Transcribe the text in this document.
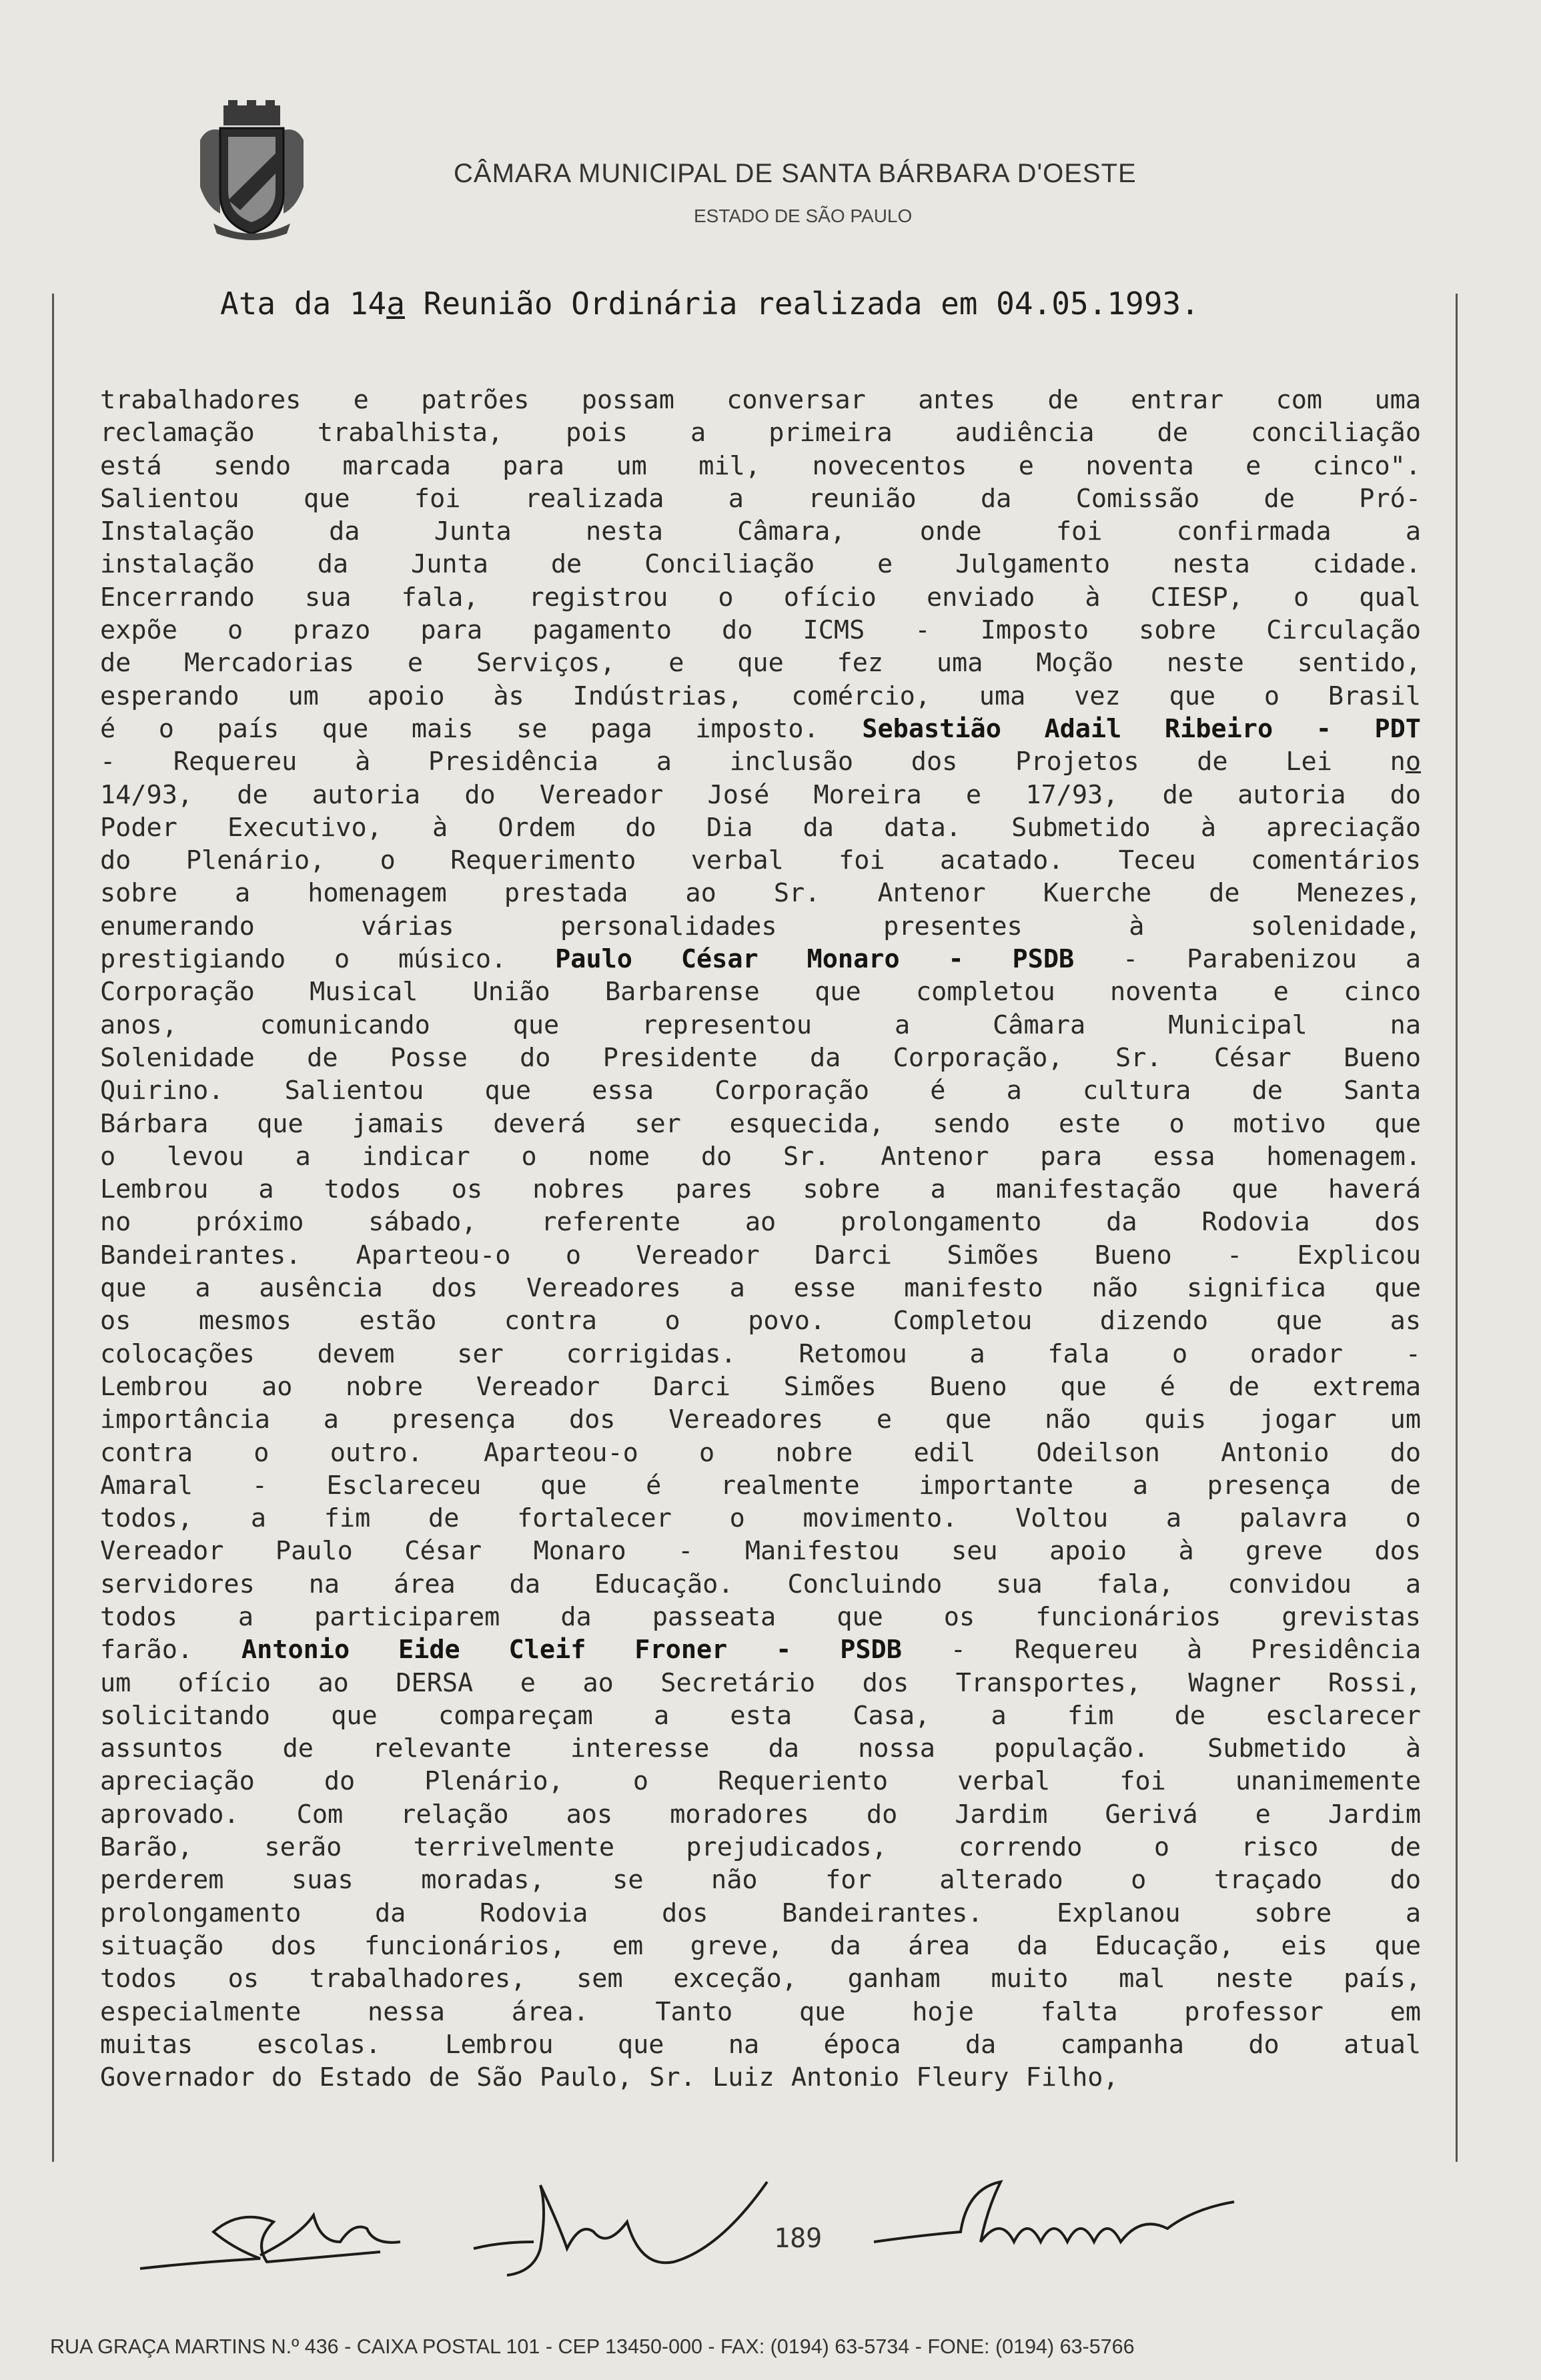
CÂMARA MUNICIPAL DE SANTA BÁRBARA D'OESTE
ESTADO DE SÃO PAULO
Ata da 14a Reunião Ordinária realizada em 04.05.1993.
trabalhadores e patrões possam conversar antes de entrar com uma
reclamação trabalhista, pois a primeira audiência de conciliação
está sendo marcada para um mil, novecentos e noventa e cinco".
Salientou que foi realizada a reunião da Comissão de Pró-
Instalação da Junta nesta Câmara, onde foi confirmada a
instalação da Junta de Conciliação e Julgamento nesta cidade.
Encerrando sua fala, registrou o ofício enviado à CIESP, o qual
expõe o prazo para pagamento do ICMS - Imposto sobre Circulação
de Mercadorias e Serviços, e que fez uma Moção neste sentido,
esperando um apoio às Indústrias, comércio, uma vez que o Brasil
é o país que mais se paga imposto. Sebastião Adail Ribeiro - PDT
- Requereu à Presidência a inclusão dos Projetos de Lei no
14/93, de autoria do Vereador José Moreira e 17/93, de autoria do
Poder Executivo, à Ordem do Dia da data. Submetido à apreciação
do Plenário, o Requerimento verbal foi acatado. Teceu comentários
sobre a homenagem prestada ao Sr. Antenor Kuerche de Menezes,
enumerando várias personalidades presentes à solenidade,
prestigiando o músico. Paulo César Monaro - PSDB - Parabenizou a
Corporação Musical União Barbarense que completou noventa e cinco
anos, comunicando que representou a Câmara Municipal na
Solenidade de Posse do Presidente da Corporação, Sr. César Bueno
Quirino. Salientou que essa Corporação é a cultura de Santa
Bárbara que jamais deverá ser esquecida, sendo este o motivo que
o levou a indicar o nome do Sr. Antenor para essa homenagem.
Lembrou a todos os nobres pares sobre a manifestação que haverá
no próximo sábado, referente ao prolongamento da Rodovia dos
Bandeirantes. Aparteou-o o Vereador Darci Simões Bueno - Explicou
que a ausência dos Vereadores a esse manifesto não significa que
os mesmos estão contra o povo. Completou dizendo que as
colocações devem ser corrigidas. Retomou a fala o orador -
Lembrou ao nobre Vereador Darci Simões Bueno que é de extrema
importância a presença dos Vereadores e que não quis jogar um
contra o outro. Aparteou-o o nobre edil Odeilson Antonio do
Amaral - Esclareceu que é realmente importante a presença de
todos, a fim de fortalecer o movimento. Voltou a palavra o
Vereador Paulo César Monaro - Manifestou seu apoio à greve dos
servidores na área da Educação. Concluindo sua fala, convidou a
todos a participarem da passeata que os funcionários grevistas
farão. Antonio Eide Cleif Froner - PSDB - Requereu à Presidência
um ofício ao DERSA e ao Secretário dos Transportes, Wagner Rossi,
solicitando que compareçam a esta Casa, a fim de esclarecer
assuntos de relevante interesse da nossa população. Submetido à
apreciação do Plenário, o Requeriento verbal foi unanimemente
aprovado. Com relação aos moradores do Jardim Gerivá e Jardim
Barão, serão terrivelmente prejudicados, correndo o risco de
perderem suas moradas, se não for alterado o traçado do
prolongamento da Rodovia dos Bandeirantes. Explanou sobre a
situação dos funcionários, em greve, da área da Educação, eis que
todos os trabalhadores, sem exceção, ganham muito mal neste país,
especialmente nessa área. Tanto que hoje falta professor em
muitas escolas. Lembrou que na época da campanha do atual
Governador do Estado de São Paulo, Sr. Luiz Antonio Fleury Filho,
189
RUA GRAÇA MARTINS N.º 436 - CAIXA POSTAL 101 - CEP 13450-000 - FAX: (0194) 63-5734 - FONE: (0194) 63-5766
